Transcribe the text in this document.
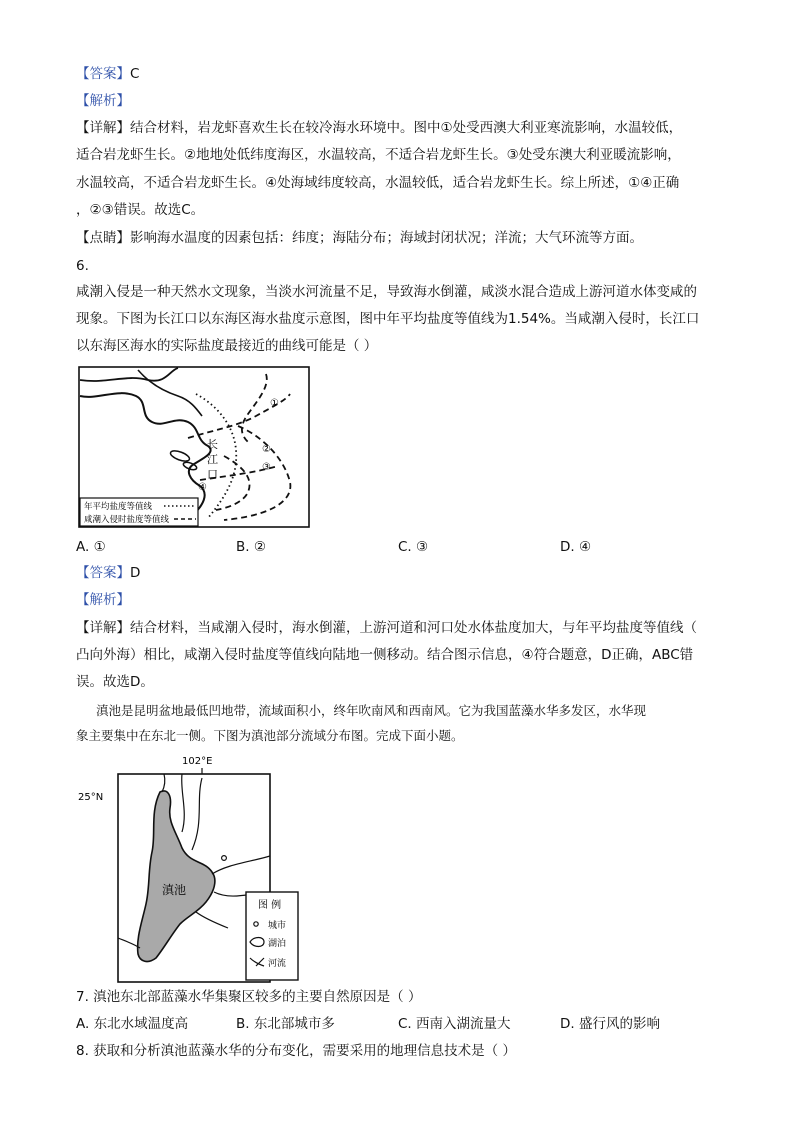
【答案】C
【解析】
【详解】结合材料，岩龙虾喜欢生长在较冷海水环境中。图中①处受西澳大利亚寒流影响，水温较低，
适合岩龙虾生长。②地地处低纬度海区，水温较高，不适合岩龙虾生长。③处受东澳大利亚暖流影响，
水温较高，不适合岩龙虾生长。④处海域纬度较高，水温较低，适合岩龙虾生长。综上所述，①④正确
，②③错误。故选C。
【点睛】影响海水温度的因素包括：纬度；海陆分布；海域封闭状况；洋流；大气环流等方面。
6.
咸潮入侵是一种天然水文现象，当淡水河流量不足，导致海水倒灌，咸淡水混合造成上游河道水体变咸的
现象。下图为长江口以东海区海水盐度示意图，图中年平均盐度等值线为1.54%。当咸潮入侵时，长江口
以东海区海水的实际盐度最接近的曲线可能是（ ）
长
江
口
①
②
③
④
年平均盐度等值线
咸潮入侵时盐度等值线
A. ①	B. ②	C. ③	D. ④
【答案】D
【解析】
【详解】结合材料，当咸潮入侵时，海水倒灌，上游河道和河口处水体盐度加大，与年平均盐度等值线（
凸向外海）相比，咸潮入侵时盐度等值线向陆地一侧移动。结合图示信息，④符合题意，D正确，ABC错
误。故选D。
滇池是昆明盆地最低凹地带，流域面积小，终年吹南风和西南风。它为我国蓝藻水华多发区，水华现
象主要集中在东北一侧。下图为滇池部分流域分布图。完成下面小题。
102°E
25°N
滇池
图 例
城市
湖泊
河流
7. 滇池东北部蓝藻水华集聚区较多的主要自然原因是（ ）
A. 东北水域温度高	B. 东北部城市多	C. 西南入湖流量大	D. 盛行风的影响
8. 获取和分析滇池蓝藻水华的分布变化，需要采用的地理信息技术是（ ）
